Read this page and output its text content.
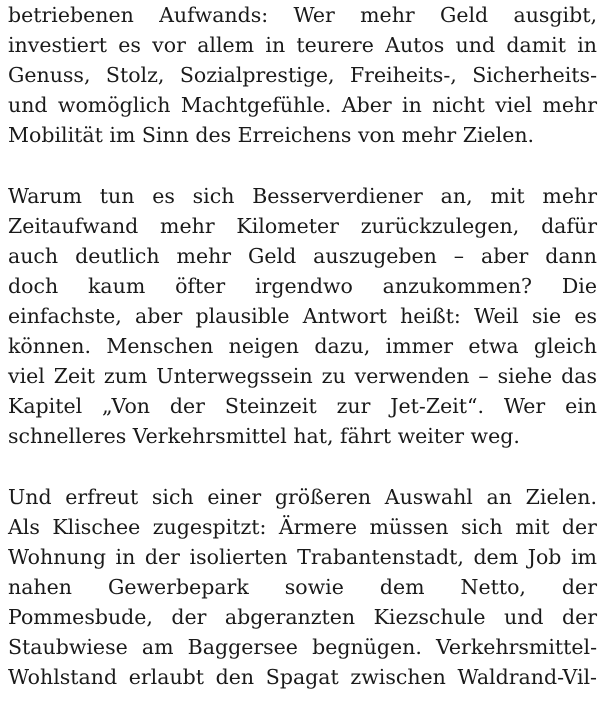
betriebenen Aufwands: Wer mehr Geld ausgibt,
investiert es vor allem in teurere Autos und damit in
Genuss, Stolz, Sozialprestige, Freiheits-, Sicherheits-
und womöglich Machtgefühle. Aber in nicht viel mehr
Mobilität im Sinn des Erreichens von mehr Zielen.
Warum tun es sich Besserverdiener an, mit mehr
Zeitaufwand mehr Kilometer zurückzulegen, dafür
auch deutlich mehr Geld auszugeben – aber dann
doch kaum öfter irgendwo anzukommen? Die
einfachste, aber plausible Antwort heißt: Weil sie es
können. Menschen neigen dazu, immer etwa gleich
viel Zeit zum Unterwegssein zu verwenden – siehe das
Kapitel „Von der Steinzeit zur Jet-Zeit“. Wer ein
schnelleres Verkehrsmittel hat, fährt weiter weg.
Und erfreut sich einer größeren Auswahl an Zielen.
Als Klischee zugespitzt: Ärmere müssen sich mit der
Wohnung in der isolierten Trabantenstadt, dem Job im
nahen Gewerbepark sowie dem Netto, der
Pommesbude, der abgeranzten Kiezschule und der
Staubwiese am Baggersee begnügen. Verkehrsmittel-
Wohlstand erlaubt den Spagat zwischen Waldrand-Vil-
